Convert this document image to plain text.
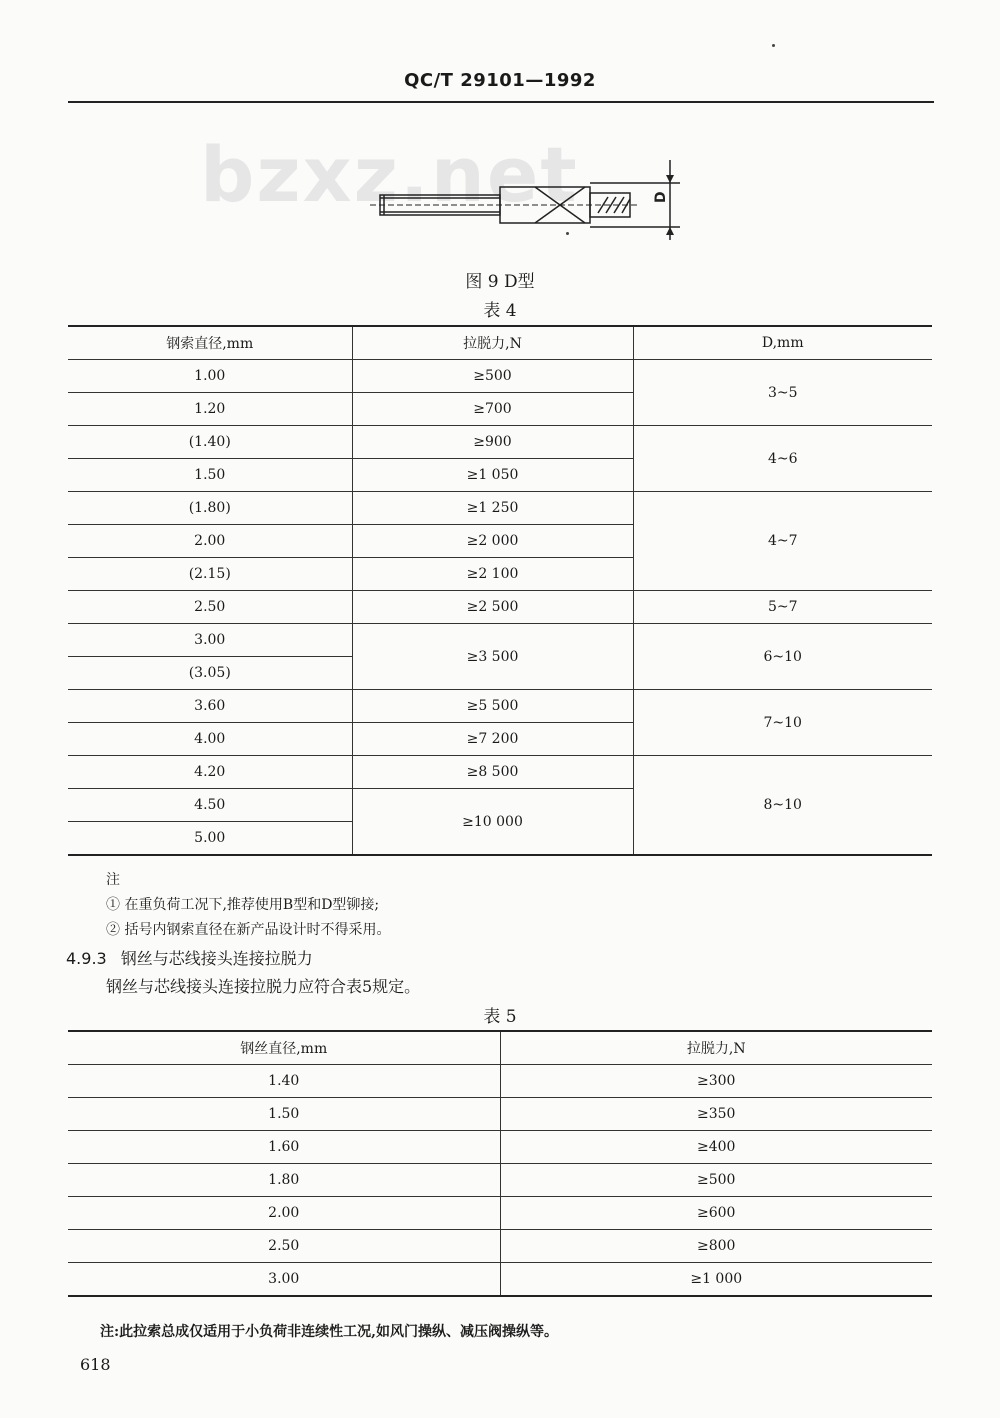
QC/T 29101—1992
bzxz.net	D
图 9 D型
表 4
钢索直径,mm	拉脱力,N	D,mm
1.00	≥500	3~5
1.20	≥700	
(1.40)	≥900	4~6
1.50	≥1 050	
(1.80)	≥1 250	4~7
2.00	≥2 000	
(2.15)	≥2 100	
2.50	≥2 500	5~7
3.00	≥3 500	6~10
(3.05)		
3.60	≥5 500	7~10
4.00	≥7 200	
4.20	≥8 500	8~10
4.50	≥10 000	
5.00		
注
① 在重负荷工况下,推荐使用B型和D型铆接;
② 括号内钢索直径在新产品设计时不得采用。
4.9.3 钢丝与芯线接头连接拉脱力
钢丝与芯线接头连接拉脱力应符合表5规定。
表 5
钢丝直径,mm	拉脱力,N
1.40	≥300
1.50	≥350
1.60	≥400
1.80	≥500
2.00	≥600
2.50	≥800
3.00	≥1 000
注:此拉索总成仅适用于小负荷非连续性工况,如风门操纵、减压阀操纵等。
618
